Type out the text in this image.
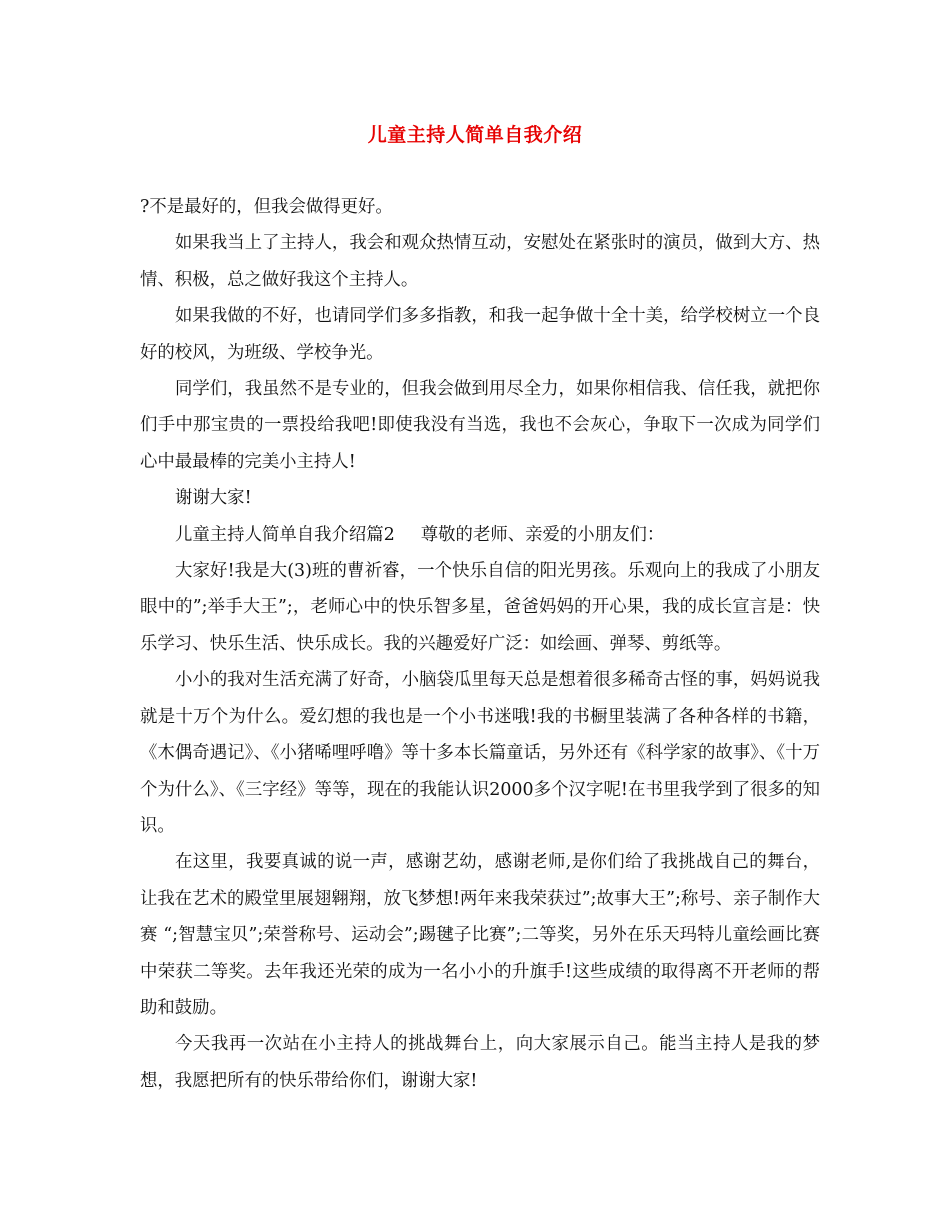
儿童主持人简单自我介绍

?不是最好的，但我会做得更好。

如果我当上了主持人，我会和观众热情互动，安慰处在紧张时的演员，做到大方、热情、积极，总之做好我这个主持人。

如果我做的不好，也请同学们多多指教，和我一起争做十全十美，给学校树立一个良好的校风，为班级、学校争光。

同学们，我虽然不是专业的，但我会做到用尽全力，如果你相信我、信任我，就把你们手中那宝贵的一票投给我吧!即使我没有当选，我也不会灰心，争取下一次成为同学们心中最最棒的完美小主持人!

谢谢大家!

儿童主持人简单自我介绍篇2 尊敬的老师、亲爱的小朋友们：

大家好!我是大(3)班的曹祈睿，一个快乐自信的阳光男孩。乐观向上的我成了小朋友眼中的”;举手大王”;，老师心中的快乐智多星，爸爸妈妈的开心果，我的成长宣言是：快乐学习、快乐生活、快乐成长。我的兴趣爱好广泛：如绘画、弹琴、剪纸等。

小小的我对生活充满了好奇，小脑袋瓜里每天总是想着很多稀奇古怪的事，妈妈说我就是十万个为什么。爱幻想的我也是一个小书迷哦!我的书橱里装满了各种各样的书籍，《木偶奇遇记》、《小猪唏哩呼噜》等十多本长篇童话，另外还有《科学家的故事》、《十万个为什么》、《三字经》等等，现在的我能认识2000多个汉字呢!在书里我学到了很多的知识。

在这里，我要真诚的说一声，感谢艺幼，感谢老师,是你们给了我挑战自己的舞台，让我在艺术的殿堂里展翅翱翔，放飞梦想!两年来我荣获过”;故事大王”;称号、亲子制作大赛 “;智慧宝贝”;荣誉称号、运动会”;踢毽子比赛”;二等奖，另外在乐天玛特儿童绘画比赛中荣获二等奖。去年我还光荣的成为一名小小的升旗手!这些成绩的取得离不开老师的帮助和鼓励。

今天我再一次站在小主持人的挑战舞台上，向大家展示自己。能当主持人是我的梦想，我愿把所有的快乐带给你们，谢谢大家!
